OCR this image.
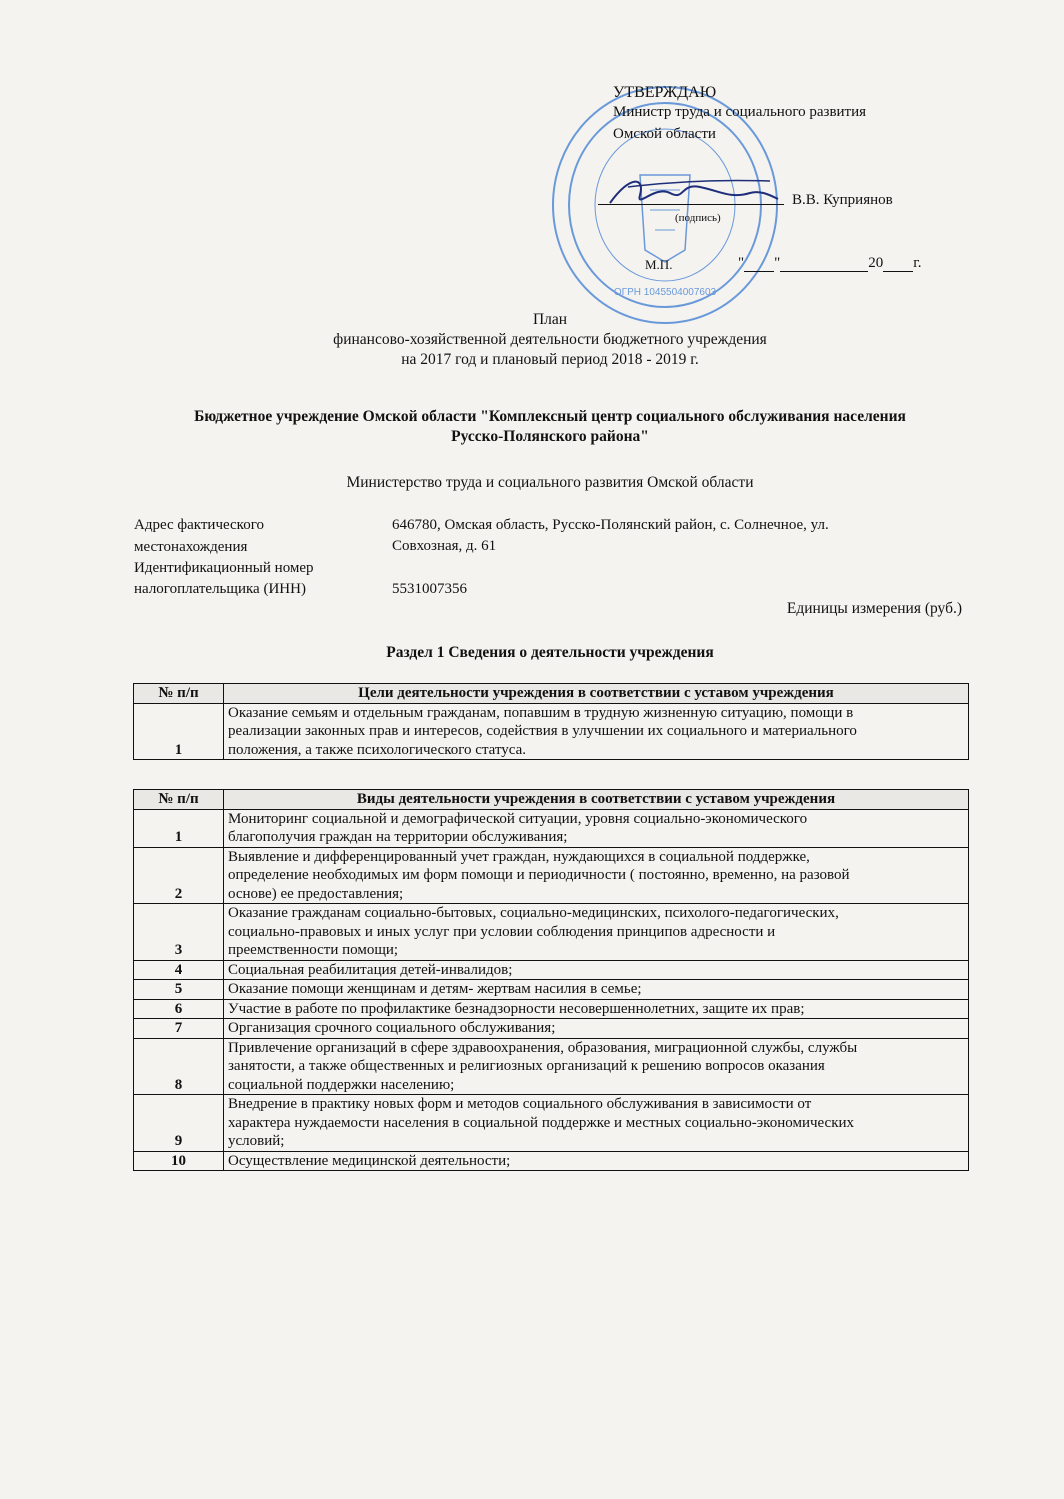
ОГРН 1045504007603
УТВЕРЖДАЮ
Министр труда и социального развития
Омской области
В.В. Куприянов
(подпись)
М.П.	" "	20 г.
План
финансово-хозяйственной деятельности бюджетного учреждения
на 2017 год и плановый период 2018 - 2019 г.
Бюджетное учреждение Омской области "Комплексный центр социального обслуживания населения
Русско-Полянского района"
Министерство труда и социального развития Омской области
Адрес фактического
местонахождения
646780, Омская область, Русско-Полянский район, с. Солнечное, ул.
Совхозная, д. 61
Идентификационный номер
налогоплательщика (ИНН)	5531007356
Единицы измерения (руб.)
Раздел 1 Сведения о деятельности учреждения
№ п/п	Цели деятельности учреждения в соответствии с уставом учреждения
1	Оказание семьям и отдельным гражданам, попавшим в трудную жизненную ситуацию, помощи в
реализации законных прав и интересов, содействия в улучшении их социального и материального
положения, а также психологического статуса.
№ п/п	Виды деятельности учреждения в соответствии с уставом учреждения
1	Мониторинг социальной и демографической ситуации, уровня социально-экономического
благополучия граждан на территории обслуживания;

2	Выявление и дифференцированный учет граждан, нуждающихся в социальной поддержке,
определение необходимых им форм помощи и периодичности ( постоянно, временно, на разовой
основе) ее предоставления;

3	Оказание гражданам социально-бытовых, социально-медицинских, психолого-педагогических,
социально-правовых и иных услуг при условии соблюдения принципов адресности и
преемственности помощи;

4	Социальная реабилитация детей-инвалидов;

5	Оказание помощи женщинам и детям- жертвам насилия в семье;

6	Участие в работе по профилактике безнадзорности несовершеннолетних, защите их прав;

7	Организация срочного социального обслуживания;

8	Привлечение организаций в сфере здравоохранения, образования, миграционной службы, службы
занятости, а также общественных и религиозных организаций к решению вопросов оказания
социальной поддержки населению;

9	Внедрение в практику новых форм и методов социального обслуживания в зависимости от
характера нуждаемости населения в социальной поддержке и местных социально-экономических
условий;

10	Осуществление медицинской деятельности;
